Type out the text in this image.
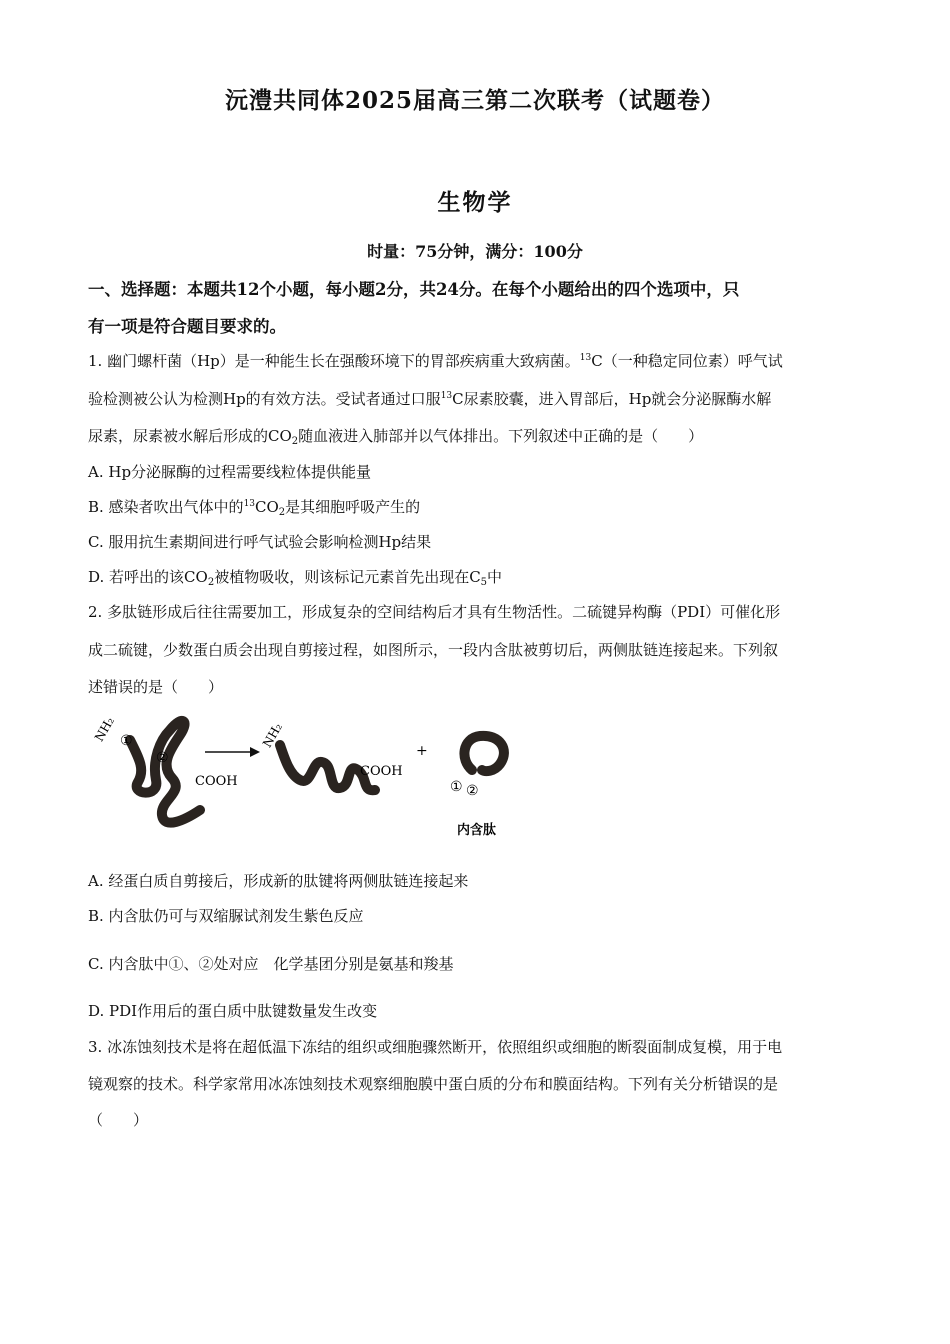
沅澧共同体2025届高三第二次联考（试题卷）
生物学
时量：75分钟，满分：100分
一、选择题：本题共12个小题，每小题2分，共24分。在每个小题给出的四个选项中，只
有一项是符合题目要求的。
1. 幽门螺杆菌（Hp）是一种能生长在强酸环境下的胃部疾病重大致病菌。$^{13}$C（一种稳定同位素）呼气试
验检测被公认为检测Hp的有效方法。受试者通过口服$^{13}$C尿素胶囊，进入胃部后，Hp就会分泌脲酶水解
尿素，尿素被水解后形成的$CO_2$随血液进入肺部并以气体排出。下列叙述中正确的是（　　）
A. Hp分泌脲酶的过程需要线粒体提供能量
B. 感染者吹出气体中的$^{13}CO_2$是其细胞呼吸产生的
C. 服用抗生素期间进行呼气试验会影响检测Hp结果
D. 若呼出的该$CO_2$被植物吸收，则该标记元素首先出现在$C_5$中
2. 多肽链形成后往往需要加工，形成复杂的空间结构后才具有生物活性。二硫键异构酶（PDI）可催化形
成二硫键，少数蛋白质会出现自剪接过程，如图所示，一段内含肽被剪切后，两侧肽链连接起来。下列叙
述错误的是（　　）
NH₂ ①
②
COOH
NH₂
COOH
+
① ②
内含肽
A. 经蛋白质自剪接后，形成新的肽键将两侧肽链连接起来
B. 内含肽仍可与双缩脲试剂发生紫色反应
C. 内含肽中①、②处对应　化学基团分别是氨基和羧基
D. PDI作用后的蛋白质中肽键数量发生改变
3. 冰冻蚀刻技术是将在超低温下冻结的组织或细胞骤然断开，依照组织或细胞的断裂面制成复模，用于电
镜观察的技术。科学家常用冰冻蚀刻技术观察细胞膜中蛋白质的分布和膜面结构。下列有关分析错误的是
（　　）
